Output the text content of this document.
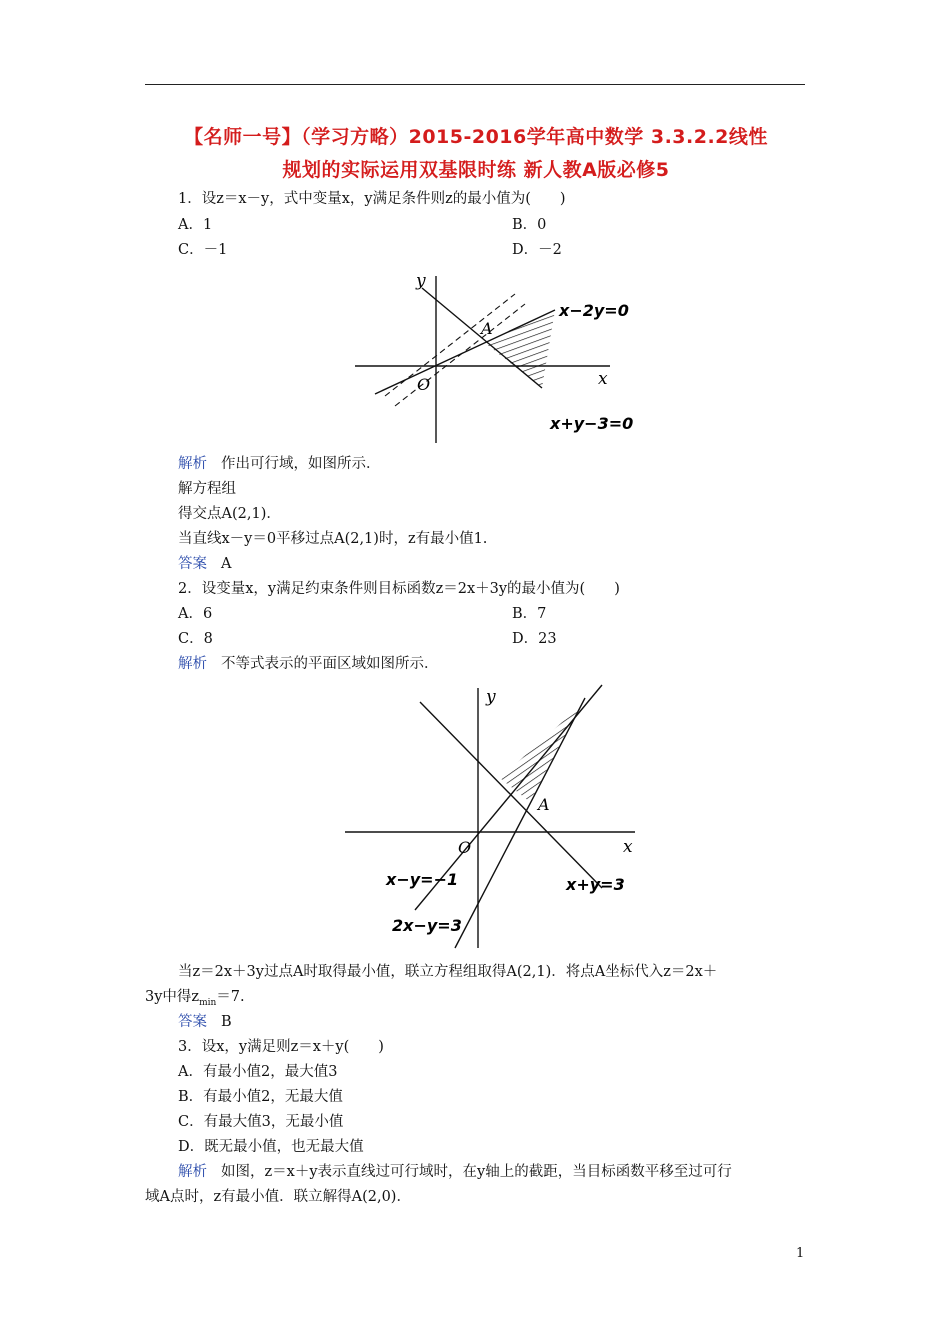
【名师一号】（学习方略）2015-2016学年高中数学 3.3.2.2线性
规划的实际运用双基限时练 新人教A版必修5
1．设z＝x－y，式中变量x，y满足条件则z的最小值为(　　)
A．1	B．0
C．－1	D．－2
y
x
O
A
x−2y=0
x+y−3=0
解析 作出可行域，如图所示．
解方程组
得交点A(2,1)．
当直线x－y＝0平移过点A(2,1)时，z有最小值1.
答案 A
2．设变量x，y满足约束条件则目标函数z＝2x＋3y的最小值为(　　)
A．6	B．7
C．8	D．23
解析 不等式表示的平面区域如图所示．
y
x
O
A
x−y=−1	x+y=3
2x−y=3
当z＝2x＋3y过点A时取得最小值，联立方程组取得A(2,1)．将点A坐标代入z＝2x＋
3y中得$z_{min}=7$.
答案 B
3．设x，y满足则z＝x＋y(　　)
A．有最小值2，最大值3
B．有最小值2，无最大值
C．有最大值3，无最小值
D．既无最小值，也无最大值
解析 如图，z＝x＋y表示直线过可行域时，在y轴上的截距，当目标函数平移至过可行
域A点时，z有最小值．联立解得A(2,0)．
1
